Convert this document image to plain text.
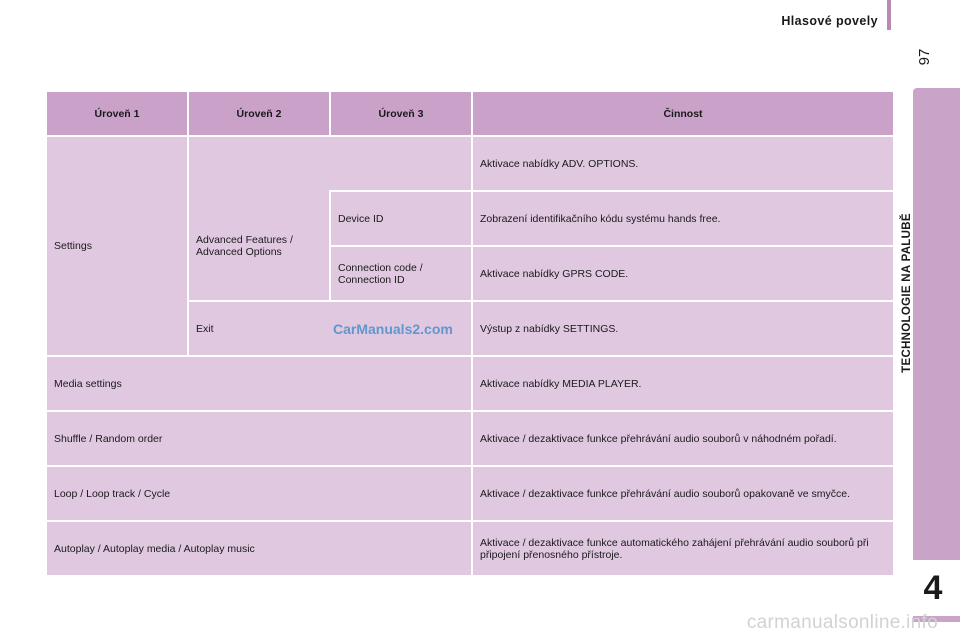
Hlasové povely
97
TECHNOLOGIE NA PALUBĚ
4
Úroveň 1	Úroveň 2	Úroveň 3	Činnost
Settings			Aktivace nabídky ADV. OPTIONS.
	Advanced Features / Advanced Options	Device ID	Zobrazení identifikačního kódu systému hands free.
		Connection code / Connection ID	Aktivace nabídky GPRS CODE.
	Exit		Výstup z nabídky SETTINGS.
Media settings			Aktivace nabídky MEDIA PLAYER.
Shuffle / Random order			Aktivace / dezaktivace funkce přehrávání audio souborů v náhodném pořadí.
Loop / Loop track / Cycle			Aktivace / dezaktivace funkce přehrávání audio souborů opakovaně ve smyčce.
Autoplay / Autoplay media / Autoplay music			Aktivace / dezaktivace funkce automatického zahájení přehrávání audio souborů při připojení přenosného přístroje.
CarManuals2.com
carmanualsonline.info
